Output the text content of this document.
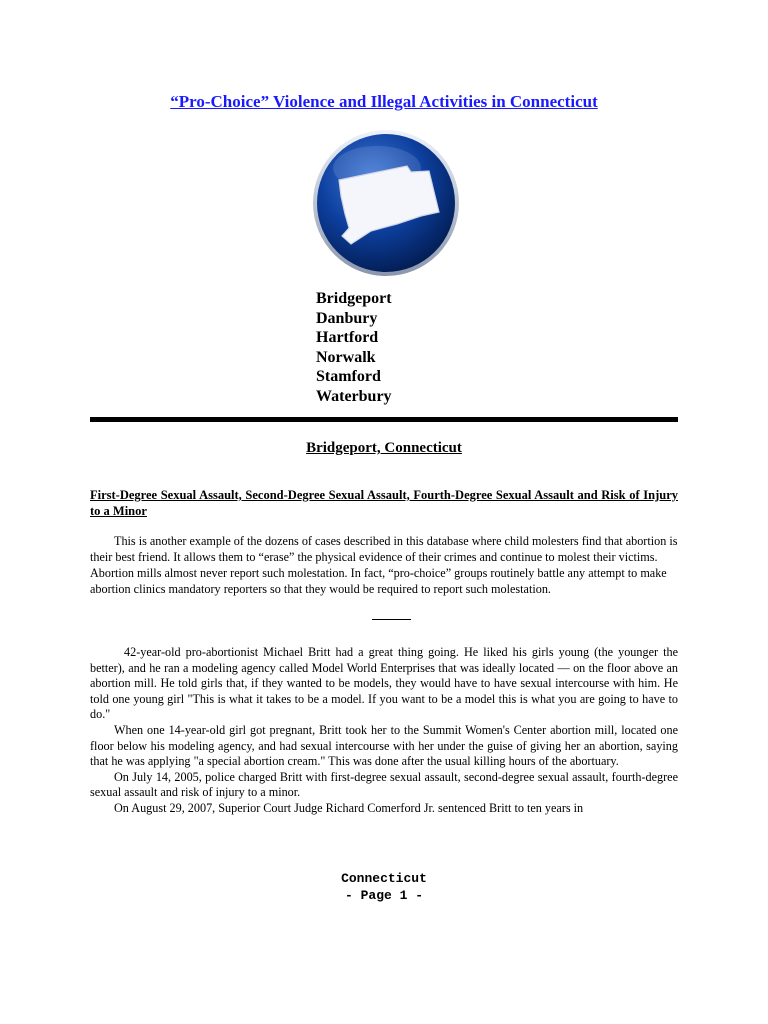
“Pro-Choice” Violence and Illegal Activities in Connecticut
Bridgeport
Danbury
Hartford
Norwalk
Stamford
Waterbury
Bridgeport, Connecticut
First-Degree Sexual Assault, Second-Degree Sexual Assault, Fourth-Degree Sexual Assault and Risk of Injury to a Minor

This is another example of the dozens of cases described in this database where child molesters find that abortion is their best friend. It allows them to “erase” the physical evidence of their crimes and continue to molest their victims. Abortion mills almost never report such molestation. In fact, “pro-choice” groups routinely battle any attempt to make abortion clinics mandatory reporters so that they would be required to report such molestation.

42-year-old pro-abortionist Michael Britt had a great thing going. He liked his girls young (the younger the better), and he ran a modeling agency called Model World Enterprises that was ideally located — on the floor above an abortion mill. He told girls that, if they wanted to be models, they would have to have sexual intercourse with him. He told one young girl "This is what it takes to be a model. If you want to be a model this is what you are going to have to do."

When one 14-year-old girl got pregnant, Britt took her to the Summit Women's Center abortion mill, located one floor below his modeling agency, and had sexual intercourse with her under the guise of giving her an abortion, saying that he was applying "a special abortion cream." This was done after the usual killing hours of the abortuary.

On July 14, 2005, police charged Britt with first-degree sexual assault, second-degree sexual assault, fourth-degree sexual assault and risk of injury to a minor.

On August 29, 2007, Superior Court Judge Richard Comerford Jr. sentenced Britt to ten years in

Connecticut
- Page 1 -
